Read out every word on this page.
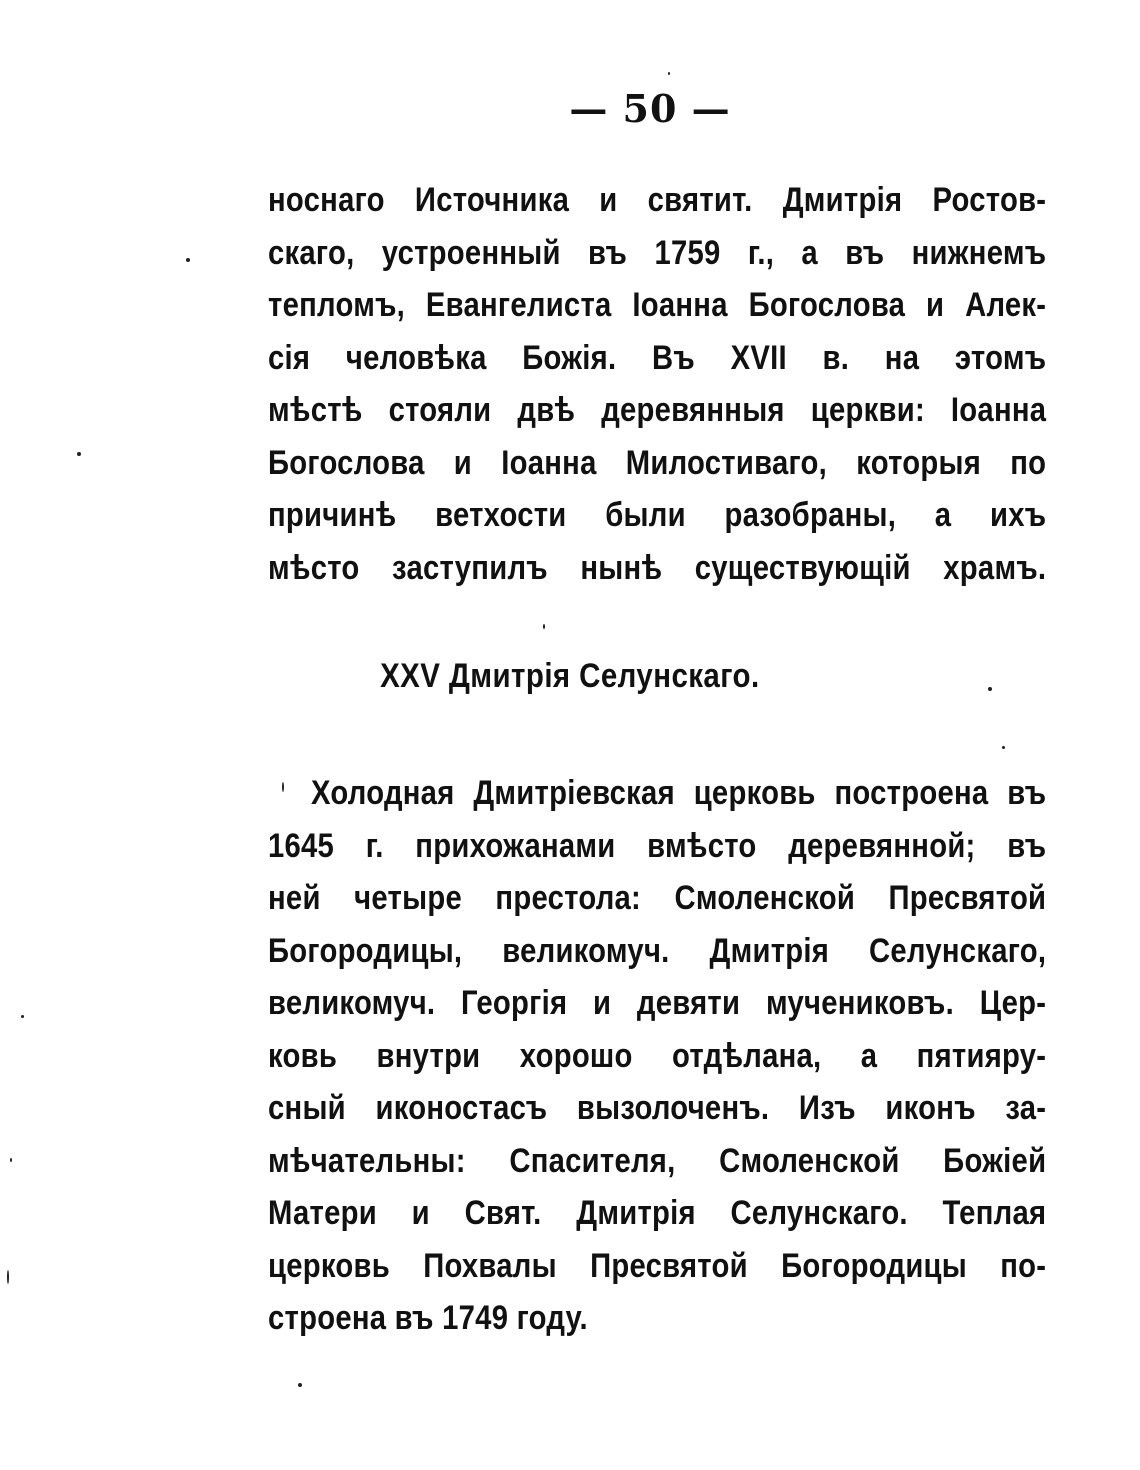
— 50 —
носнаго Источника и святит. Дмитрія Ростов-
скаго, устроенный въ 1759 г., а въ нижнемъ
тепломъ, Евангелиста Іоанна Богослова и Алек-
сія человѣка Божія. Въ XVII в. на этомъ
мѣстѣ стояли двѣ деревянныя церкви: Іоанна
Богослова и Іоанна Милостиваго, которыя по
причинѣ ветхости были разобраны, а ихъ
мѣсто заступилъ нынѣ существующій храмъ.
XXV Дмитрія Селунскаго.
Холодная Дмитріевская церковь построена въ
1645 г. прихожанами вмѣсто деревянной; въ
ней четыре престола: Смоленской Пресвятой
Богородицы, великомуч. Дмитрія Селунскаго,
великомуч. Георгія и девяти мучениковъ. Цер-
ковь внутри хорошо отдѣлана, а пятияру-
сный иконостасъ вызолоченъ. Изъ иконъ за-
мѣчательны: Спасителя, Смоленской Божіей
Матери и Свят. Дмитрія Селунскаго. Теплая
церковь Похвалы Пресвятой Богородицы по-
строена въ 1749 году.
